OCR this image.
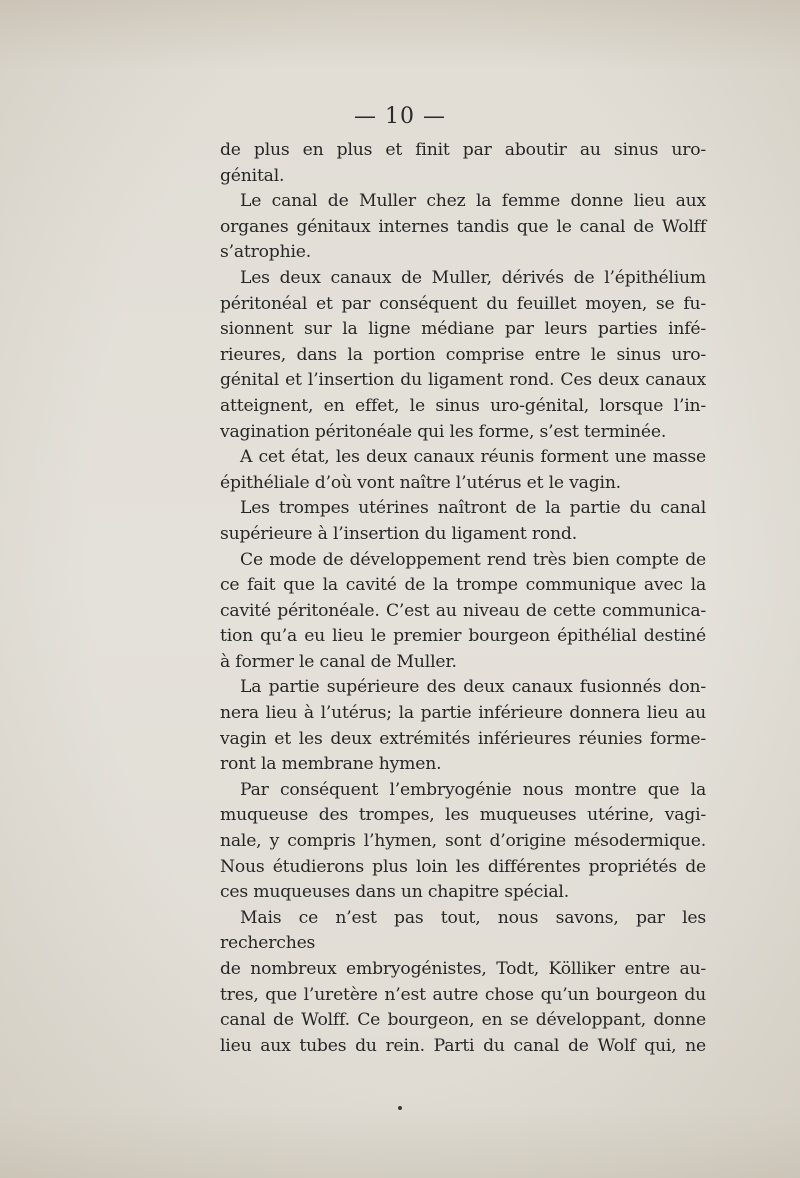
— 10 —

de plus en plus et finit par aboutir au sinus uro-
génital.

Le canal de Muller chez la femme donne lieu aux
organes génitaux internes tandis que le canal de Wolff
s’atrophie.

Les deux canaux de Muller, dérivés de l’épithélium
péritonéal et par conséquent du feuillet moyen, se fu-
sionnent sur la ligne médiane par leurs parties infé-
rieures, dans la portion comprise entre le sinus uro-
génital et l’insertion du ligament rond. Ces deux canaux
atteignent, en effet, le sinus uro-génital, lorsque l’in-
vagination péritonéale qui les forme, s’est terminée.

A cet état, les deux canaux réunis forment une masse
épithéliale d’où vont naître l’utérus et le vagin.

Les trompes utérines naîtront de la partie du canal
supérieure à l’insertion du ligament rond.

Ce mode de développement rend très bien compte de
ce fait que la cavité de la trompe communique avec la
cavité péritonéale. C’est au niveau de cette communica-
tion qu’a eu lieu le premier bourgeon épithélial destiné
à former le canal de Muller.

La partie supérieure des deux canaux fusionnés don-
nera lieu à l’utérus; la partie inférieure donnera lieu au
vagin et les deux extrémités inférieures réunies forme-
ront la membrane hymen.

Par conséquent l’embryogénie nous montre que la
muqueuse des trompes, les muqueuses utérine, vagi-
nale, y compris l’hymen, sont d’origine mésodermique.
Nous étudierons plus loin les différentes propriétés de
ces muqueuses dans un chapitre spécial.

Mais ce n’est pas tout, nous savons, par les recherches
de nombreux embryogénistes, Todt, Kölliker entre au-
tres, que l’uretère n’est autre chose qu’un bourgeon du
canal de Wolff. Ce bourgeon, en se développant, donne
lieu aux tubes du rein. Parti du canal de Wolf qui, ne
